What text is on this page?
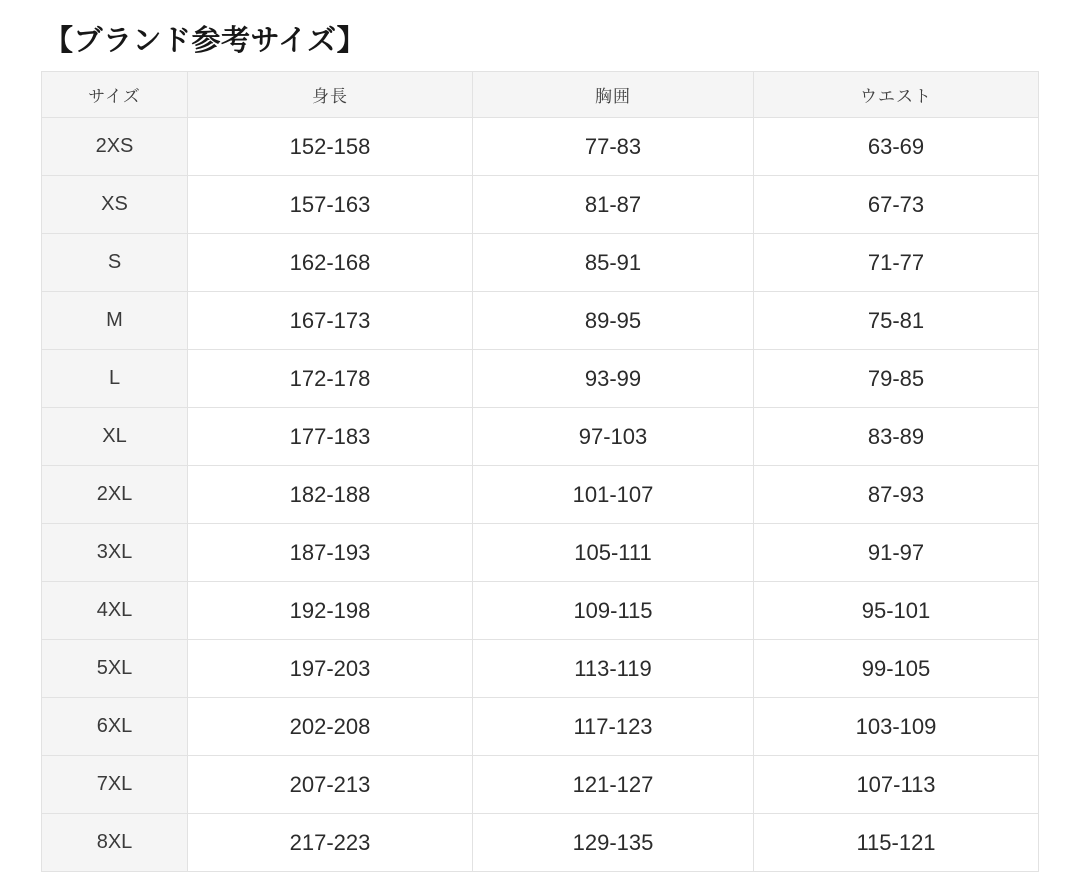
【ブランド参考サイズ】
サイズ	身長	胸囲	ウエスト
2XS	152-158	77-83	63-69
XS	157-163	81-87	67-73
S	162-168	85-91	71-77
M	167-173	89-95	75-81
L	172-178	93-99	79-85
XL	177-183	97-103	83-89
2XL	182-188	101-107	87-93
3XL	187-193	105-111	91-97
4XL	192-198	109-115	95-101
5XL	197-203	113-119	99-105
6XL	202-208	117-123	103-109
7XL	207-213	121-127	107-113
8XL	217-223	129-135	115-121
